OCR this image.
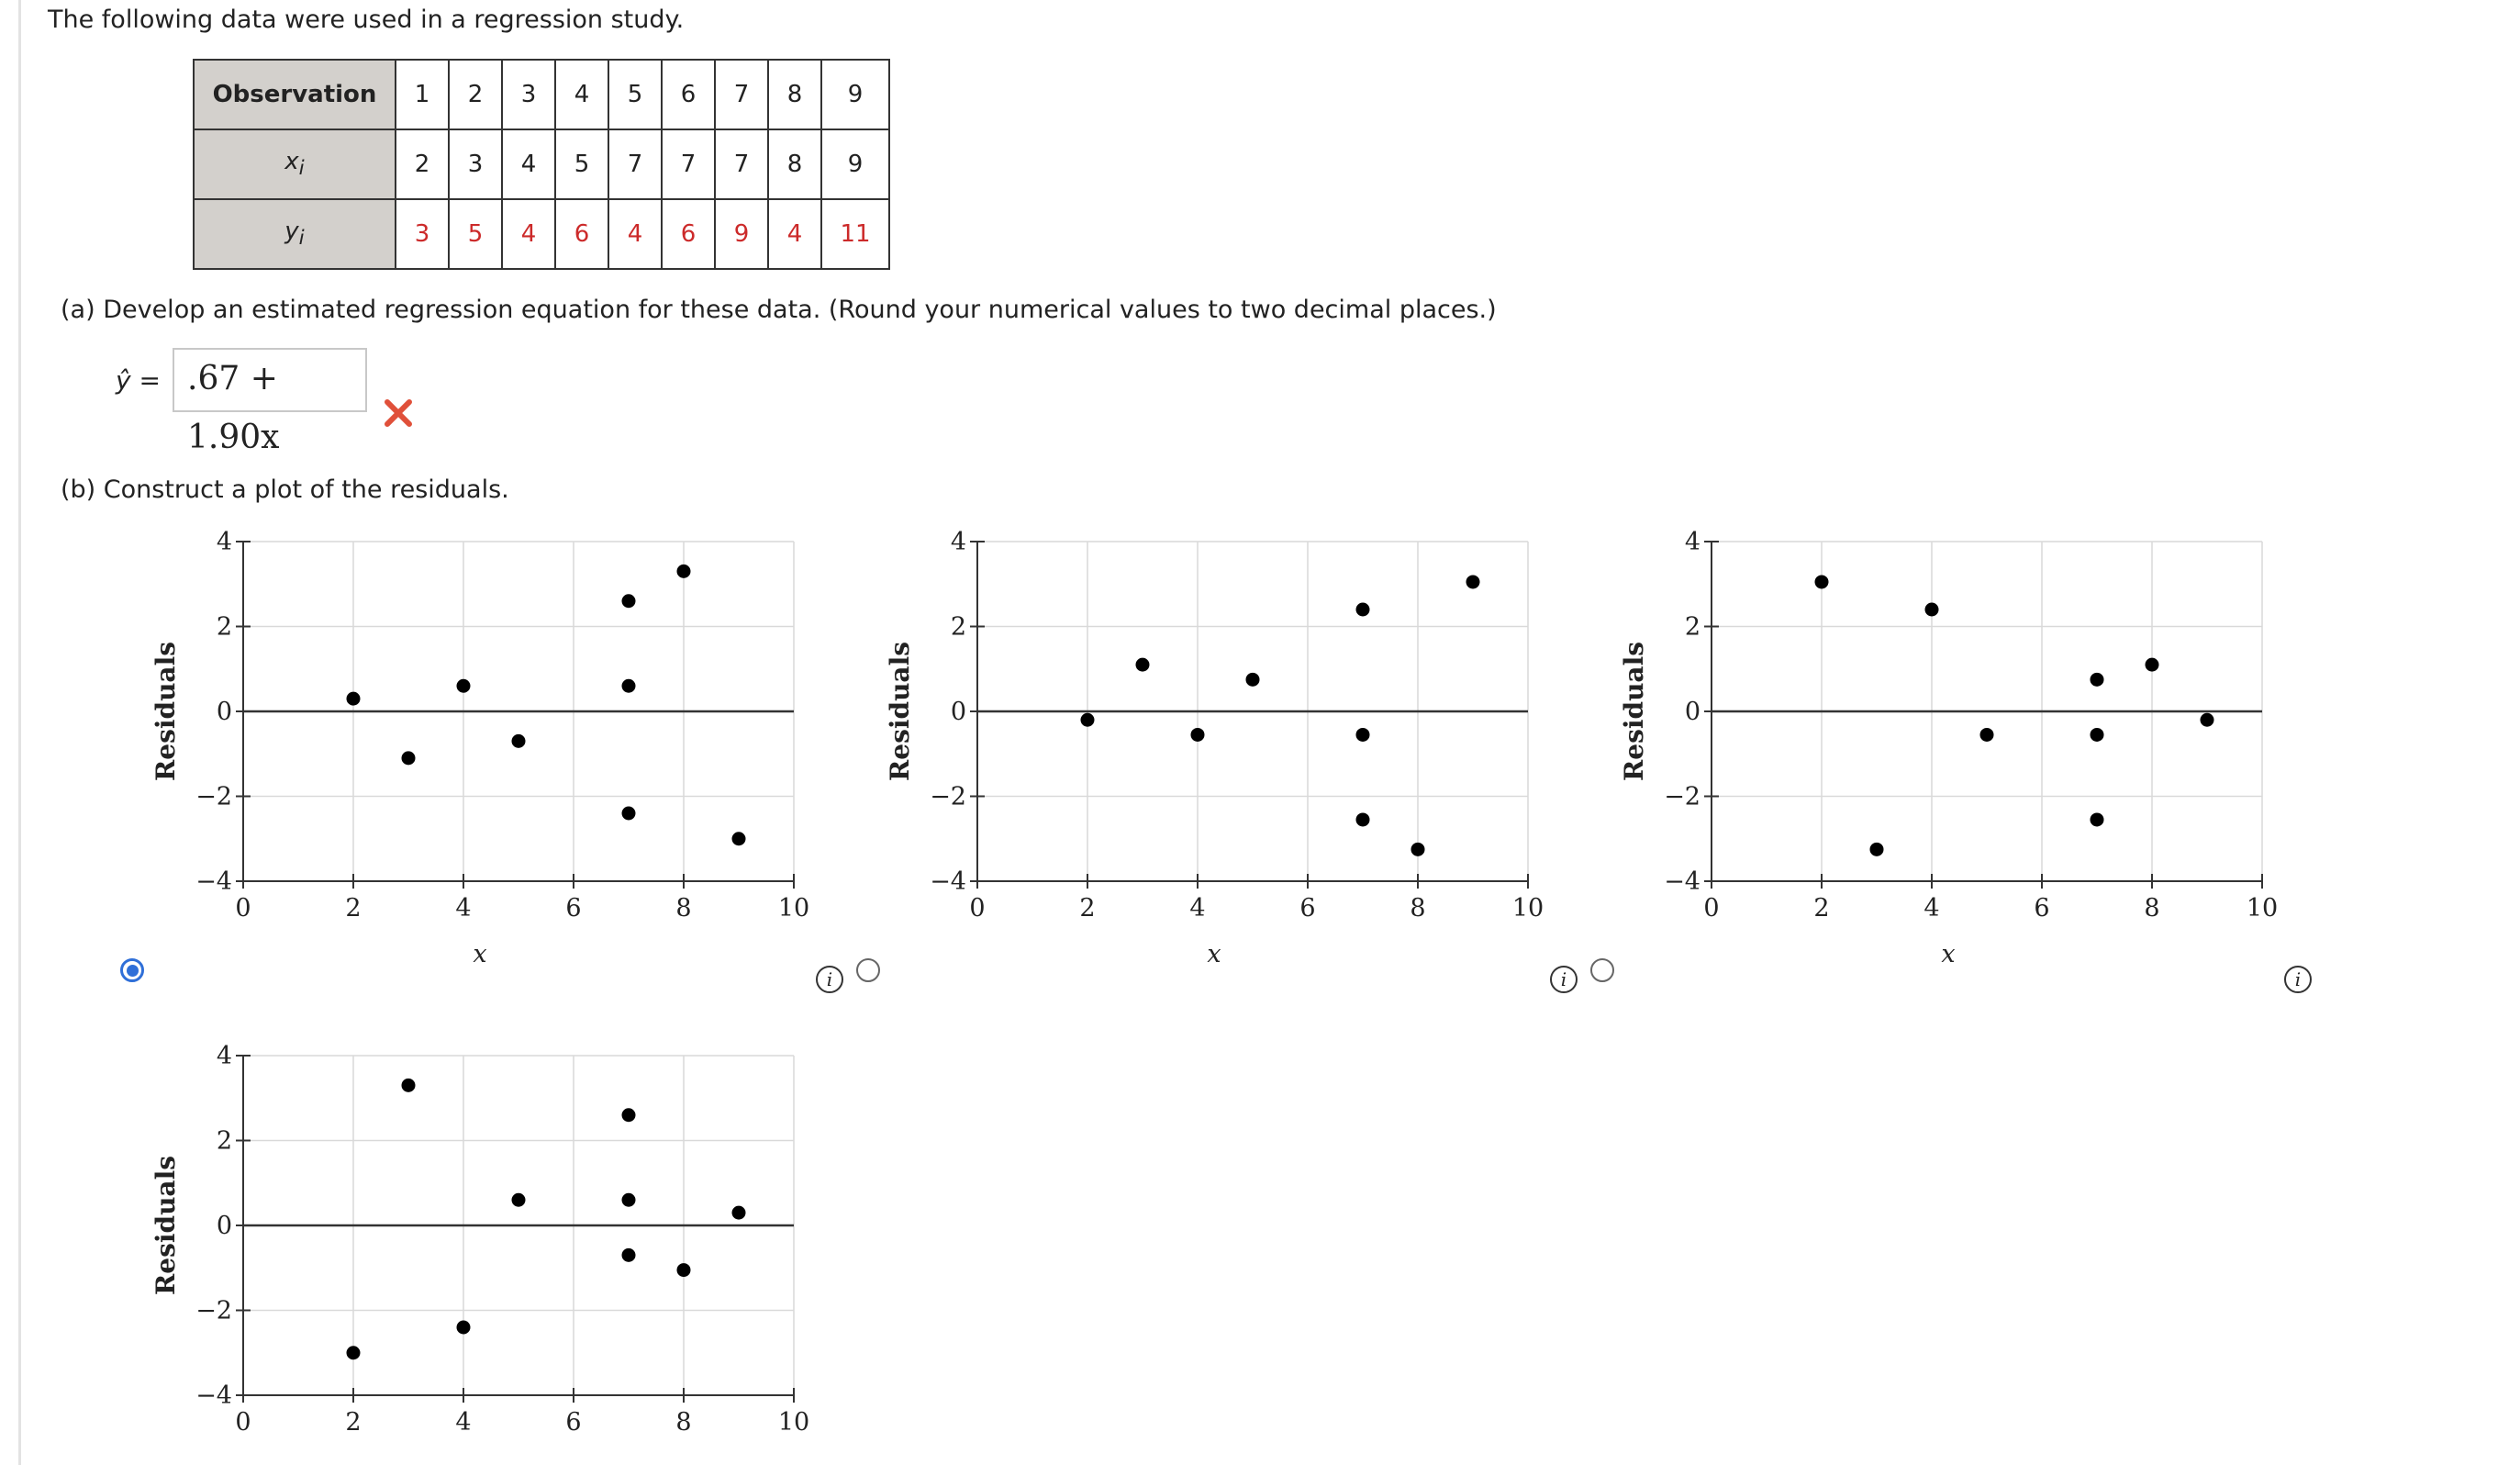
The following data were used in a regression study.
Observation	1	2	3	4	5	6	7	8	9
$x_i$	2	3	4	5	7	7	7	8	9
$y_i$	3	5	4	6	4	6	9	4	11
(a) Develop an estimated regression equation for these data. (Round your numerical values to two decimal places.)
ŷ = .67 + 1.90x
(b) Construct a plot of the residuals.
4
2
0
−2
−4
0	2	4	6	8	10
Residuals
x
4
2
0
−2
−4
0	2	4	6	8	10
Residuals
x
4
2
0
−2
−4
0	2	4	6	8	10
Residuals
x
4
2
0
−2
−4
0	2	4	6	8	10
Residuals
i	i	i
